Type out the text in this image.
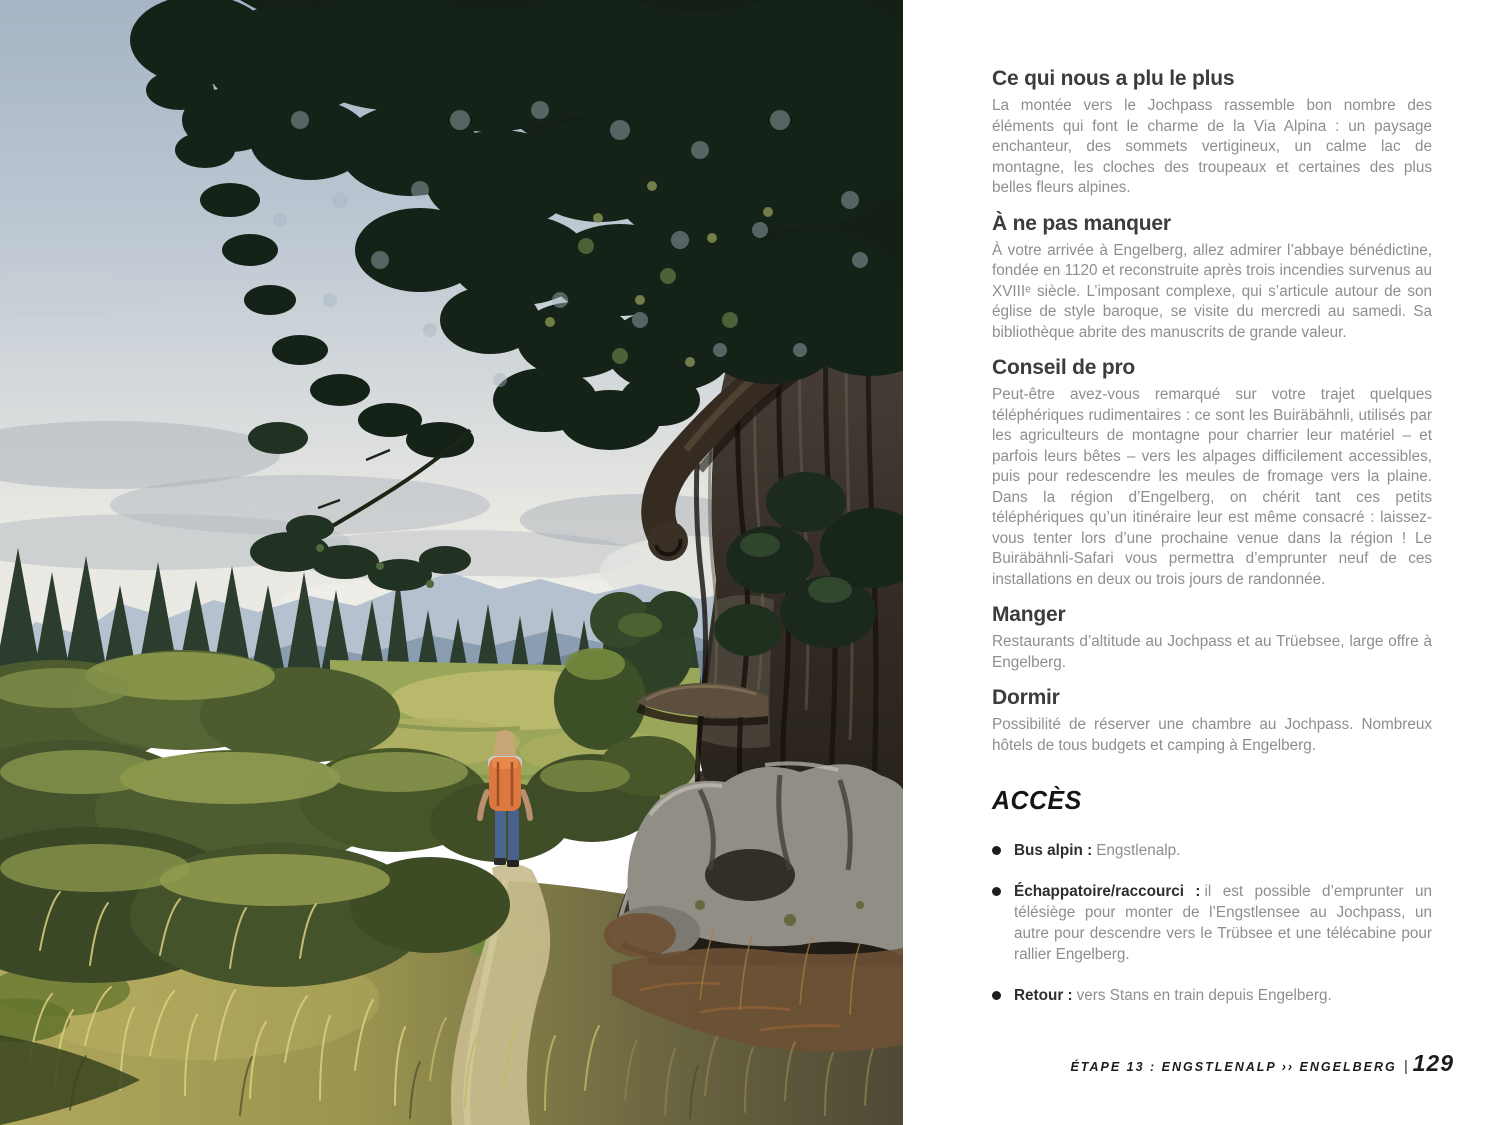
Ce qui nous a plu le plus

La montée vers le Jochpass rassemble bon nombre des éléments qui font le charme de la Via Alpina : un paysage enchanteur, des sommets vertigineux, un calme lac de montagne, les cloches des troupeaux et certaines des plus belles fleurs alpines.

À ne pas manquer

À votre arrivée à Engelberg, allez admirer l’abbaye bénédictine, fondée en 1120 et reconstruite après trois incendies survenus au XVIIIᵉ siècle. L’imposant complexe, qui s’articule autour de son église de style baroque, se visite du mercredi au samedi. Sa bibliothèque abrite des manuscrits de grande valeur.

Conseil de pro

Peut-être avez-vous remarqué sur votre trajet quelques téléphériques rudimentaires : ce sont les Buiräbähnli, utilisés par les agriculteurs de montagne pour charrier leur matériel – et parfois leurs bêtes – vers les alpages difficilement accessibles, puis pour redescendre les meules de fromage vers la plaine. Dans la région d’Engelberg, on chérit tant ces petits téléphériques qu’un itinéraire leur est même consacré : laissez-vous tenter lors d’une prochaine venue dans la région ! Le Buiräbähnli-Safari vous permettra d’emprunter neuf de ces installations en deux ou trois jours de randonnée.

Manger

Restaurants d’altitude au Jochpass et au Trüebsee, large offre à Engelberg.

Dormir

Possibilité de réserver une chambre au Jochpass. Nombreux hôtels de tous budgets et camping à Engelberg.

ACCÈS
Bus alpin : Engstlenalp.
Échappatoire/raccourci : il est possible d’emprunter un télésiège pour monter de l’Engstlensee au Jochpass, un autre pour descendre vers le Trübsee et une télécabine pour rallier Engelberg.
Retour : vers Stans en train depuis Engelberg.
ÉTAPE 13 : ENGSTLENALP ›› ENGELBERG | 129
